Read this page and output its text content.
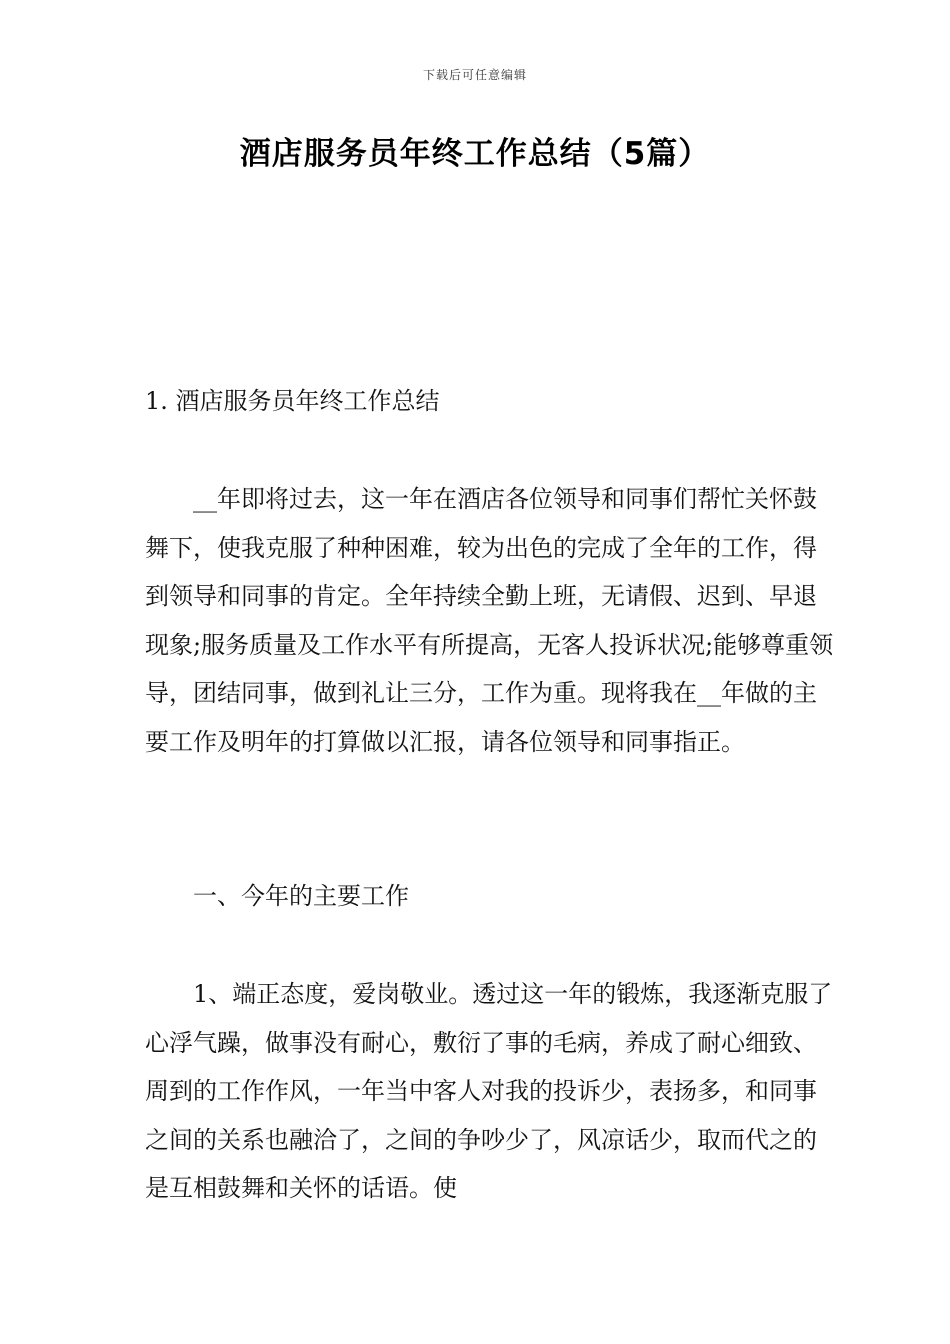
下载后可任意编辑
酒店服务员年终工作总结（5篇）
1. 酒店服务员年终工作总结
__年即将过去，这一年在酒店各位领导和同事们帮忙关怀鼓舞下，使我克服了种种困难，较为出色的完成了全年的工作，得到领导和同事的肯定。全年持续全勤上班，无请假、迟到、早退现象;服务质量及工作水平有所提高，无客人投诉状况;能够尊重领导，团结同事，做到礼让三分，工作为重。现将我在__年做的主要工作及明年的打算做以汇报，请各位领导和同事指正。
一、今年的主要工作
1、端正态度，爱岗敬业。透过这一年的锻炼，我逐渐克服了心浮气躁，做事没有耐心，敷衍了事的毛病，养成了耐心细致、周到的工作作风，一年当中客人对我的投诉少，表扬多，和同事之间的关系也融洽了，之间的争吵少了，风凉话少，取而代之的是互相鼓舞和关怀的话语。使
